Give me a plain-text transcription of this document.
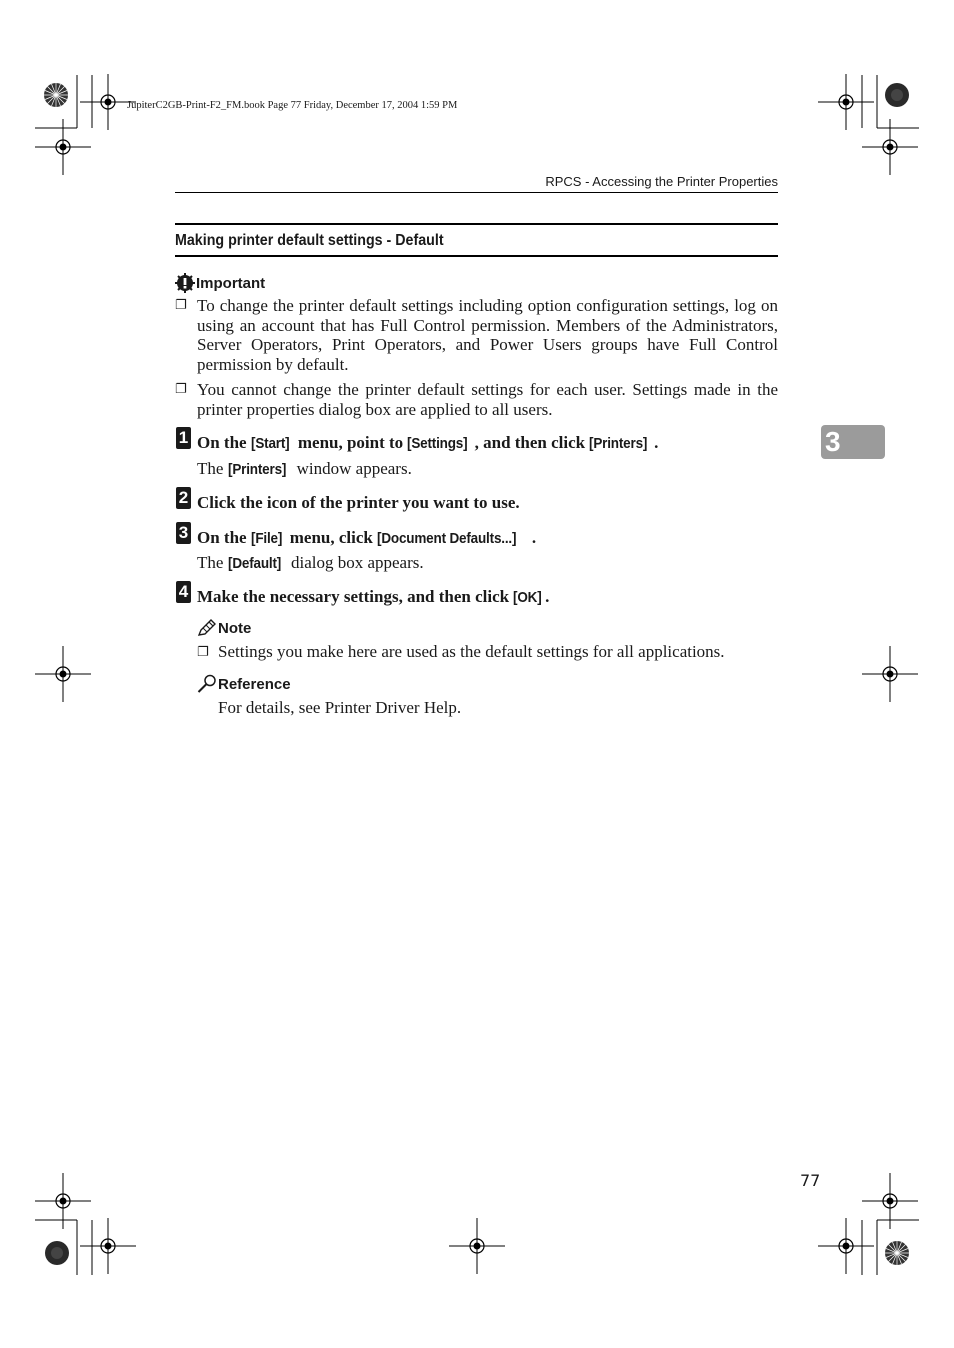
JupiterC2GB-Print-F2_FM.book Page 77 Friday, December 17, 2004 1:59 PM
RPCS - Accessing the Printer Properties
Making printer default settings - Default
Important
❐ To change the printer default settings including option configuration settings, log on using an account that has Full Control permission. Members of the Administrators, Server Operators, Print Operators, and Power Users groups have Full Control permission by default.
❐ You cannot change the printer default settings for each user. Settings made in the printer properties dialog box are applied to all users.
1 On the [Start] menu, point to [Settings] , and then click [Printers] .
The [Printers] window appears.
2 Click the icon of the printer you want to use.
3 On the [File] menu, click [Document Defaults...] .
The [Default] dialog box appears.
4 Make the necessary settings, and then click [OK] .
Note
❐ Settings you make here are used as the default settings for all applications.
Reference
For details, see Printer Driver Help.
3
77
